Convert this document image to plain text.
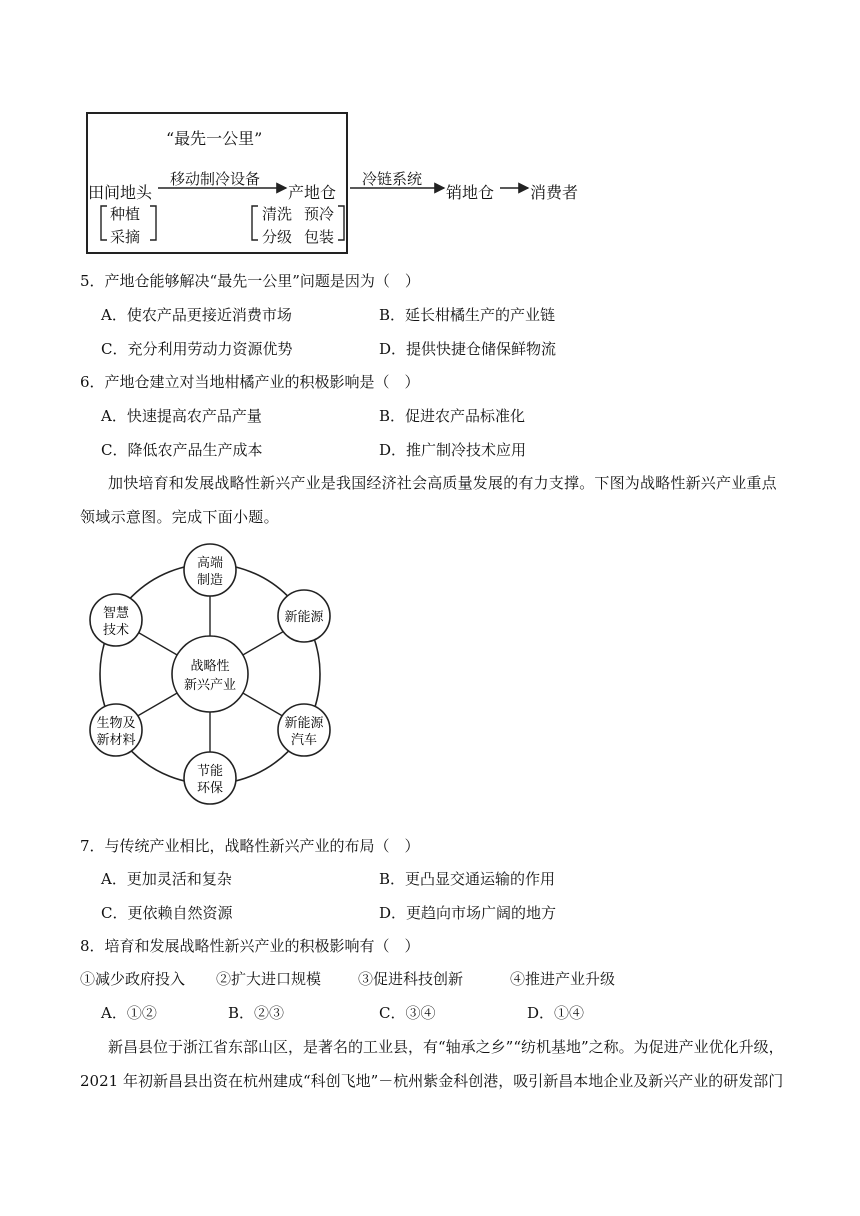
“最先一公里”
移动制冷设备
田间地头	产地仓
冷链系统
销地仓 消费者
种植
采摘
清洗 预冷
分级 包装
5．产地仓能够解决“最先一公里”问题是因为（　）
A．使农产品更接近消费市场	B．延长柑橘生产的产业链
C．充分利用劳动力资源优势	D．提供快捷仓储保鲜物流
6．产地仓建立对当地柑橘产业的积极影响是（　）
A．快速提高农产品产量	B．促进农产品标准化
C．降低农产品生产成本	D．推广制冷技术应用
加快培育和发展战略性新兴产业是我国经济社会高质量发展的有力支撑。下图为战略性新兴产业重点
领域示意图。完成下面小题。
战略性
新兴产业
高端
制造
新能源
新能源
汽车
节能
环保
生物及
新材料
智慧
技术
7．与传统产业相比，战略性新兴产业的布局（　）
A．更加灵活和复杂	B．更凸显交通运输的作用
C．更依赖自然资源	D．更趋向市场广阔的地方
8．培育和发展战略性新兴产业的积极影响有（　）
①减少政府投入 ②扩大进口规模 ③促进科技创新	④推进产业升级
A．①②	B．②③	C．③④	D．①④
新昌县位于浙江省东部山区，是著名的工业县，有“轴承之乡”“纺机基地”之称。为促进产业优化升级，
2021 年初新昌县出资在杭州建成“科创飞地”－杭州紫金科创港，吸引新昌本地企业及新兴产业的研发部门
